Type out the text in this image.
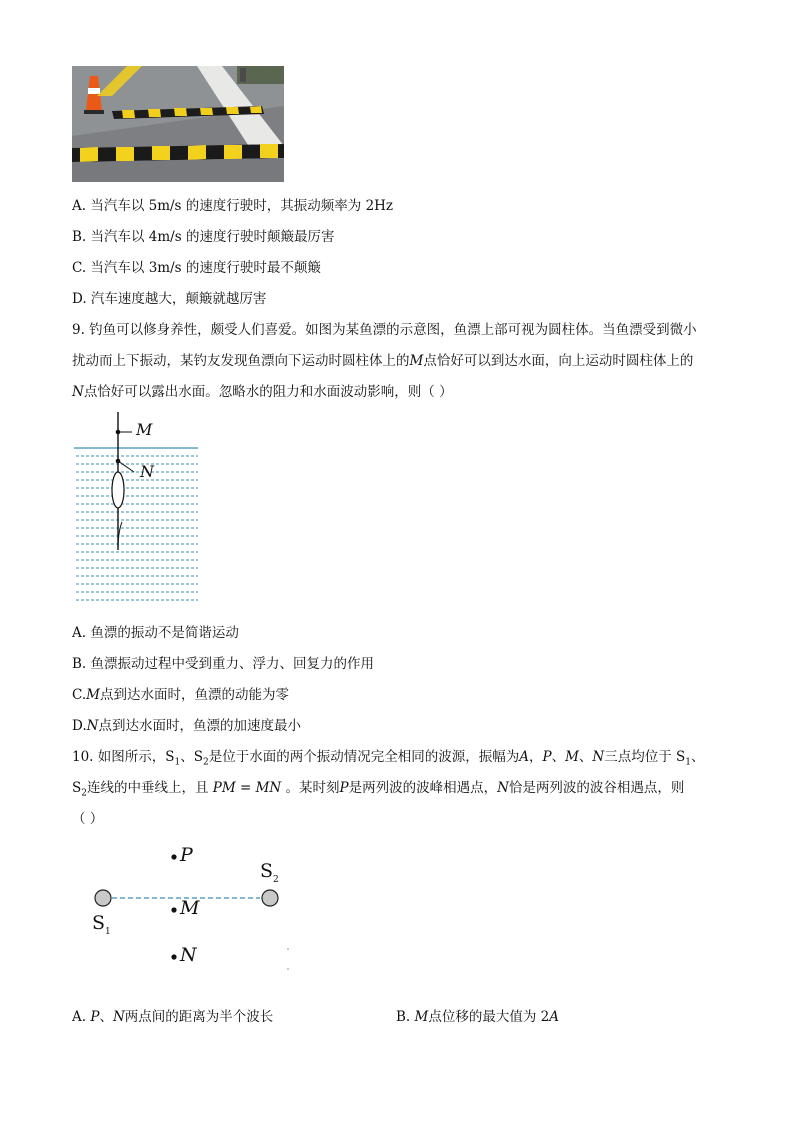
A. 当汽车以 5m/s 的速度行驶时，其振动频率为 2Hz
B. 当汽车以 4m/s 的速度行驶时颠簸最厉害
C. 当汽车以 3m/s 的速度行驶时最不颠簸
D. 汽车速度越大，颠簸就越厉害
9. 钓鱼可以修身养性，颇受人们喜爱。如图为某鱼漂的示意图，鱼漂上部可视为圆柱体。当鱼漂受到微小
扰动而上下振动，某钓友发现鱼漂向下运动时圆柱体上的M点恰好可以到达水面，向上运动时圆柱体上的
N点恰好可以露出水面。忽略水的阻力和水面波动影响，则（ ）
M
N
A. 鱼漂的振动不是简谐运动
B. 鱼漂振动过程中受到重力、浮力、回复力的作用
C.M点到达水面时，鱼漂的动能为零
D.N点到达水面时，鱼漂的加速度最小
10. 如图所示，$S_1$、$S_2$是位于水面的两个振动情况完全相同的波源，振幅为A，P、M、N三点均位于 $S_1$、
$S_2$连线的中垂线上，且 PM = MN 。某时刻P是两列波的波峰相遇点，N恰是两列波的波谷相遇点，则
（ ）
P
M
N
$S_1$
$S_2$
A. P、N两点间的距离为半个波长	B. M点位移的最大值为 2A
